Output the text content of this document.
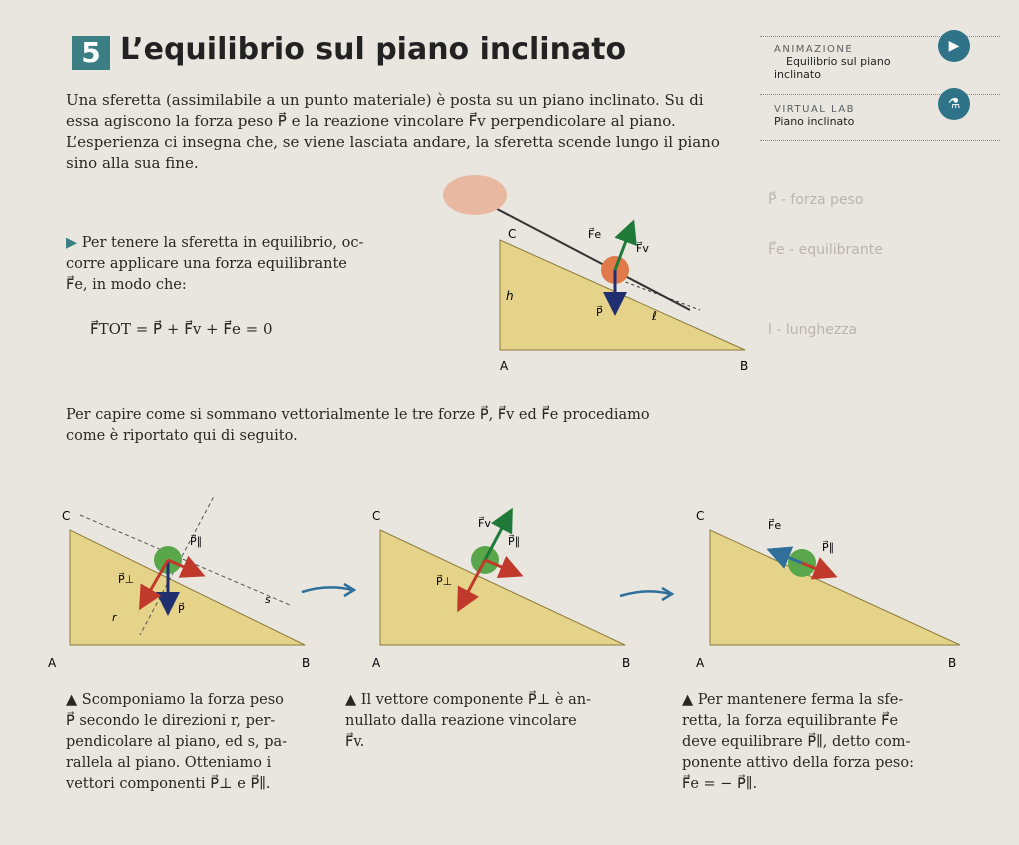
5 L’equilibrio sul piano inclinato	ANIMAZIONE
Equilibrio sul piano
inclinato
▶
VIRTUAL LAB
Piano inclinato
⚗
Una sferetta (assimilabile a un punto materiale) è posta su un piano inclinato. Su di
essa agiscono la forza peso P⃗ e la reazione vincolare F⃗v perpendicolare al piano.
L’esperienza ci insegna che, se viene lasciata andare, la sferetta scende lungo il piano
sino alla sua fine.
▶ Per tenere la sferetta in equilibrio, oc-
corre applicare una forza equilibrante
F⃗e, in modo che:
F⃗TOT = P⃗ + F⃗v + F⃗e = 0
P⃗ - forza peso
F⃗e - equilibrante
l - lunghezza
C
A	B
h
ℓ
P⃗
F⃗v
F⃗e
Per capire come si sommano vettorialmente le tre forze P⃗, F⃗v ed F⃗e procediamo
come è riportato qui di seguito.
C
A	B
P⃗∥
P⃗⊥
P⃗
s
r
C
A	B
F⃗v
P⃗∥
P⃗⊥
C
A	B
F⃗e
P⃗∥
▲ Scomponiamo la forza peso
P⃗ secondo le direzioni r, per-
pendicolare al piano, ed s, pa-
rallela al piano. Otteniamo i
vettori componenti P⃗⊥ e P⃗∥.
▲ Il vettore componente P⃗⊥ è an-
nullato dalla reazione vincolare
F⃗v.
▲ Per mantenere ferma la sfe-
retta, la forza equilibrante F⃗e
deve equilibrare P⃗∥, detto com-
ponente attivo della forza peso:
F⃗e = − P⃗∥.
